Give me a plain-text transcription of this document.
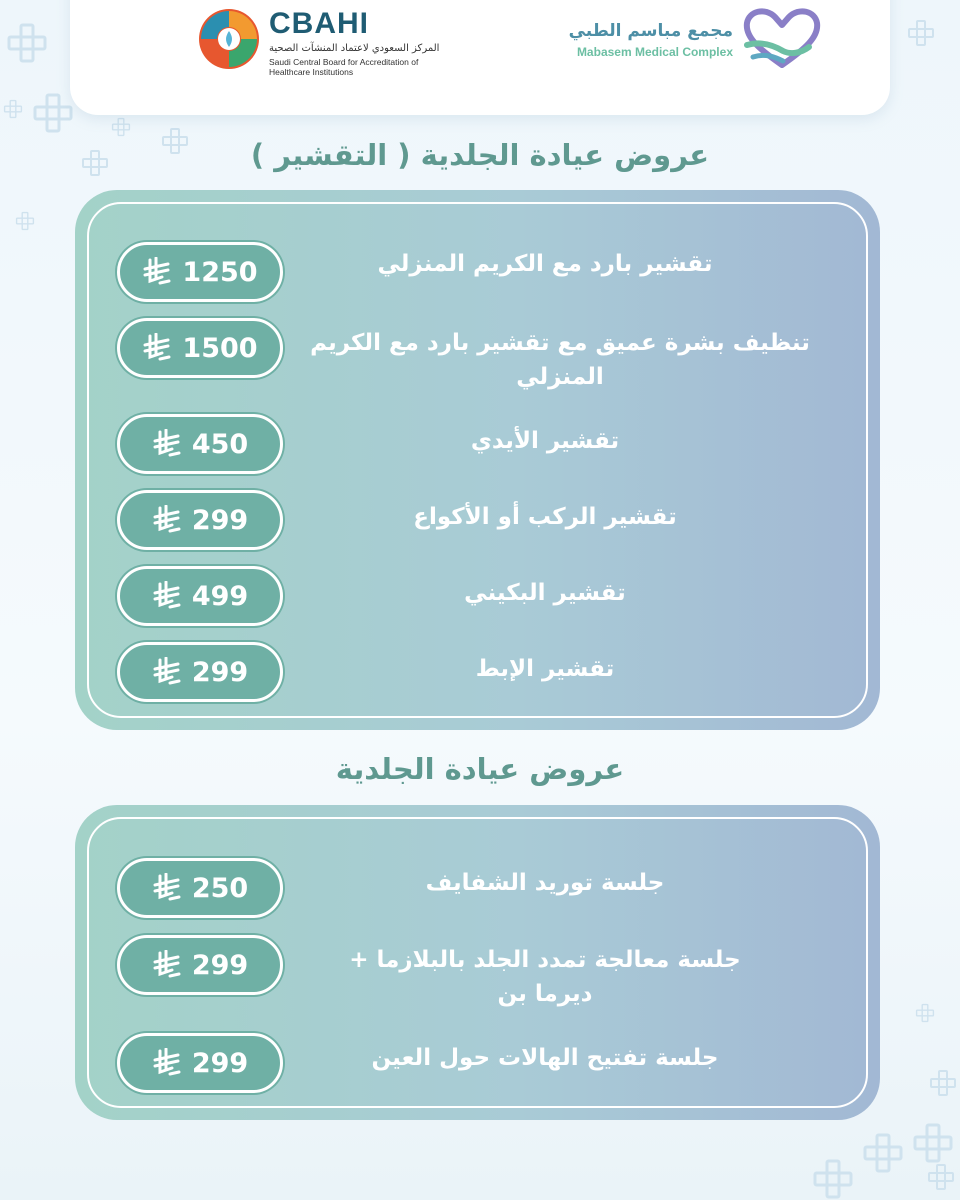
CBAHI
المركز السعودي لاعتماد المنشآت الصحية
Saudi Central Board for Accreditation of Healthcare Institutions
مجمع مباسم الطبي
Mabasem Medical Complex
عروض عيادة الجلدية ( التقشير )
1250	تقشير بارد مع الكريم المنزلي
1500 تنظيف بشرة عميق مع تقشير بارد مع الكريم المنزلي
450	تقشير الأيدي
299	تقشير الركب أو الأكواع
499	تقشير البكيني
299	تقشير الإبط
عروض عيادة الجلدية
250	جلسة توريد الشفايف
299	جلسة معالجة تمدد الجلد بالبلازما + ديرما بن
299	جلسة تفتيح الهالات حول العين
